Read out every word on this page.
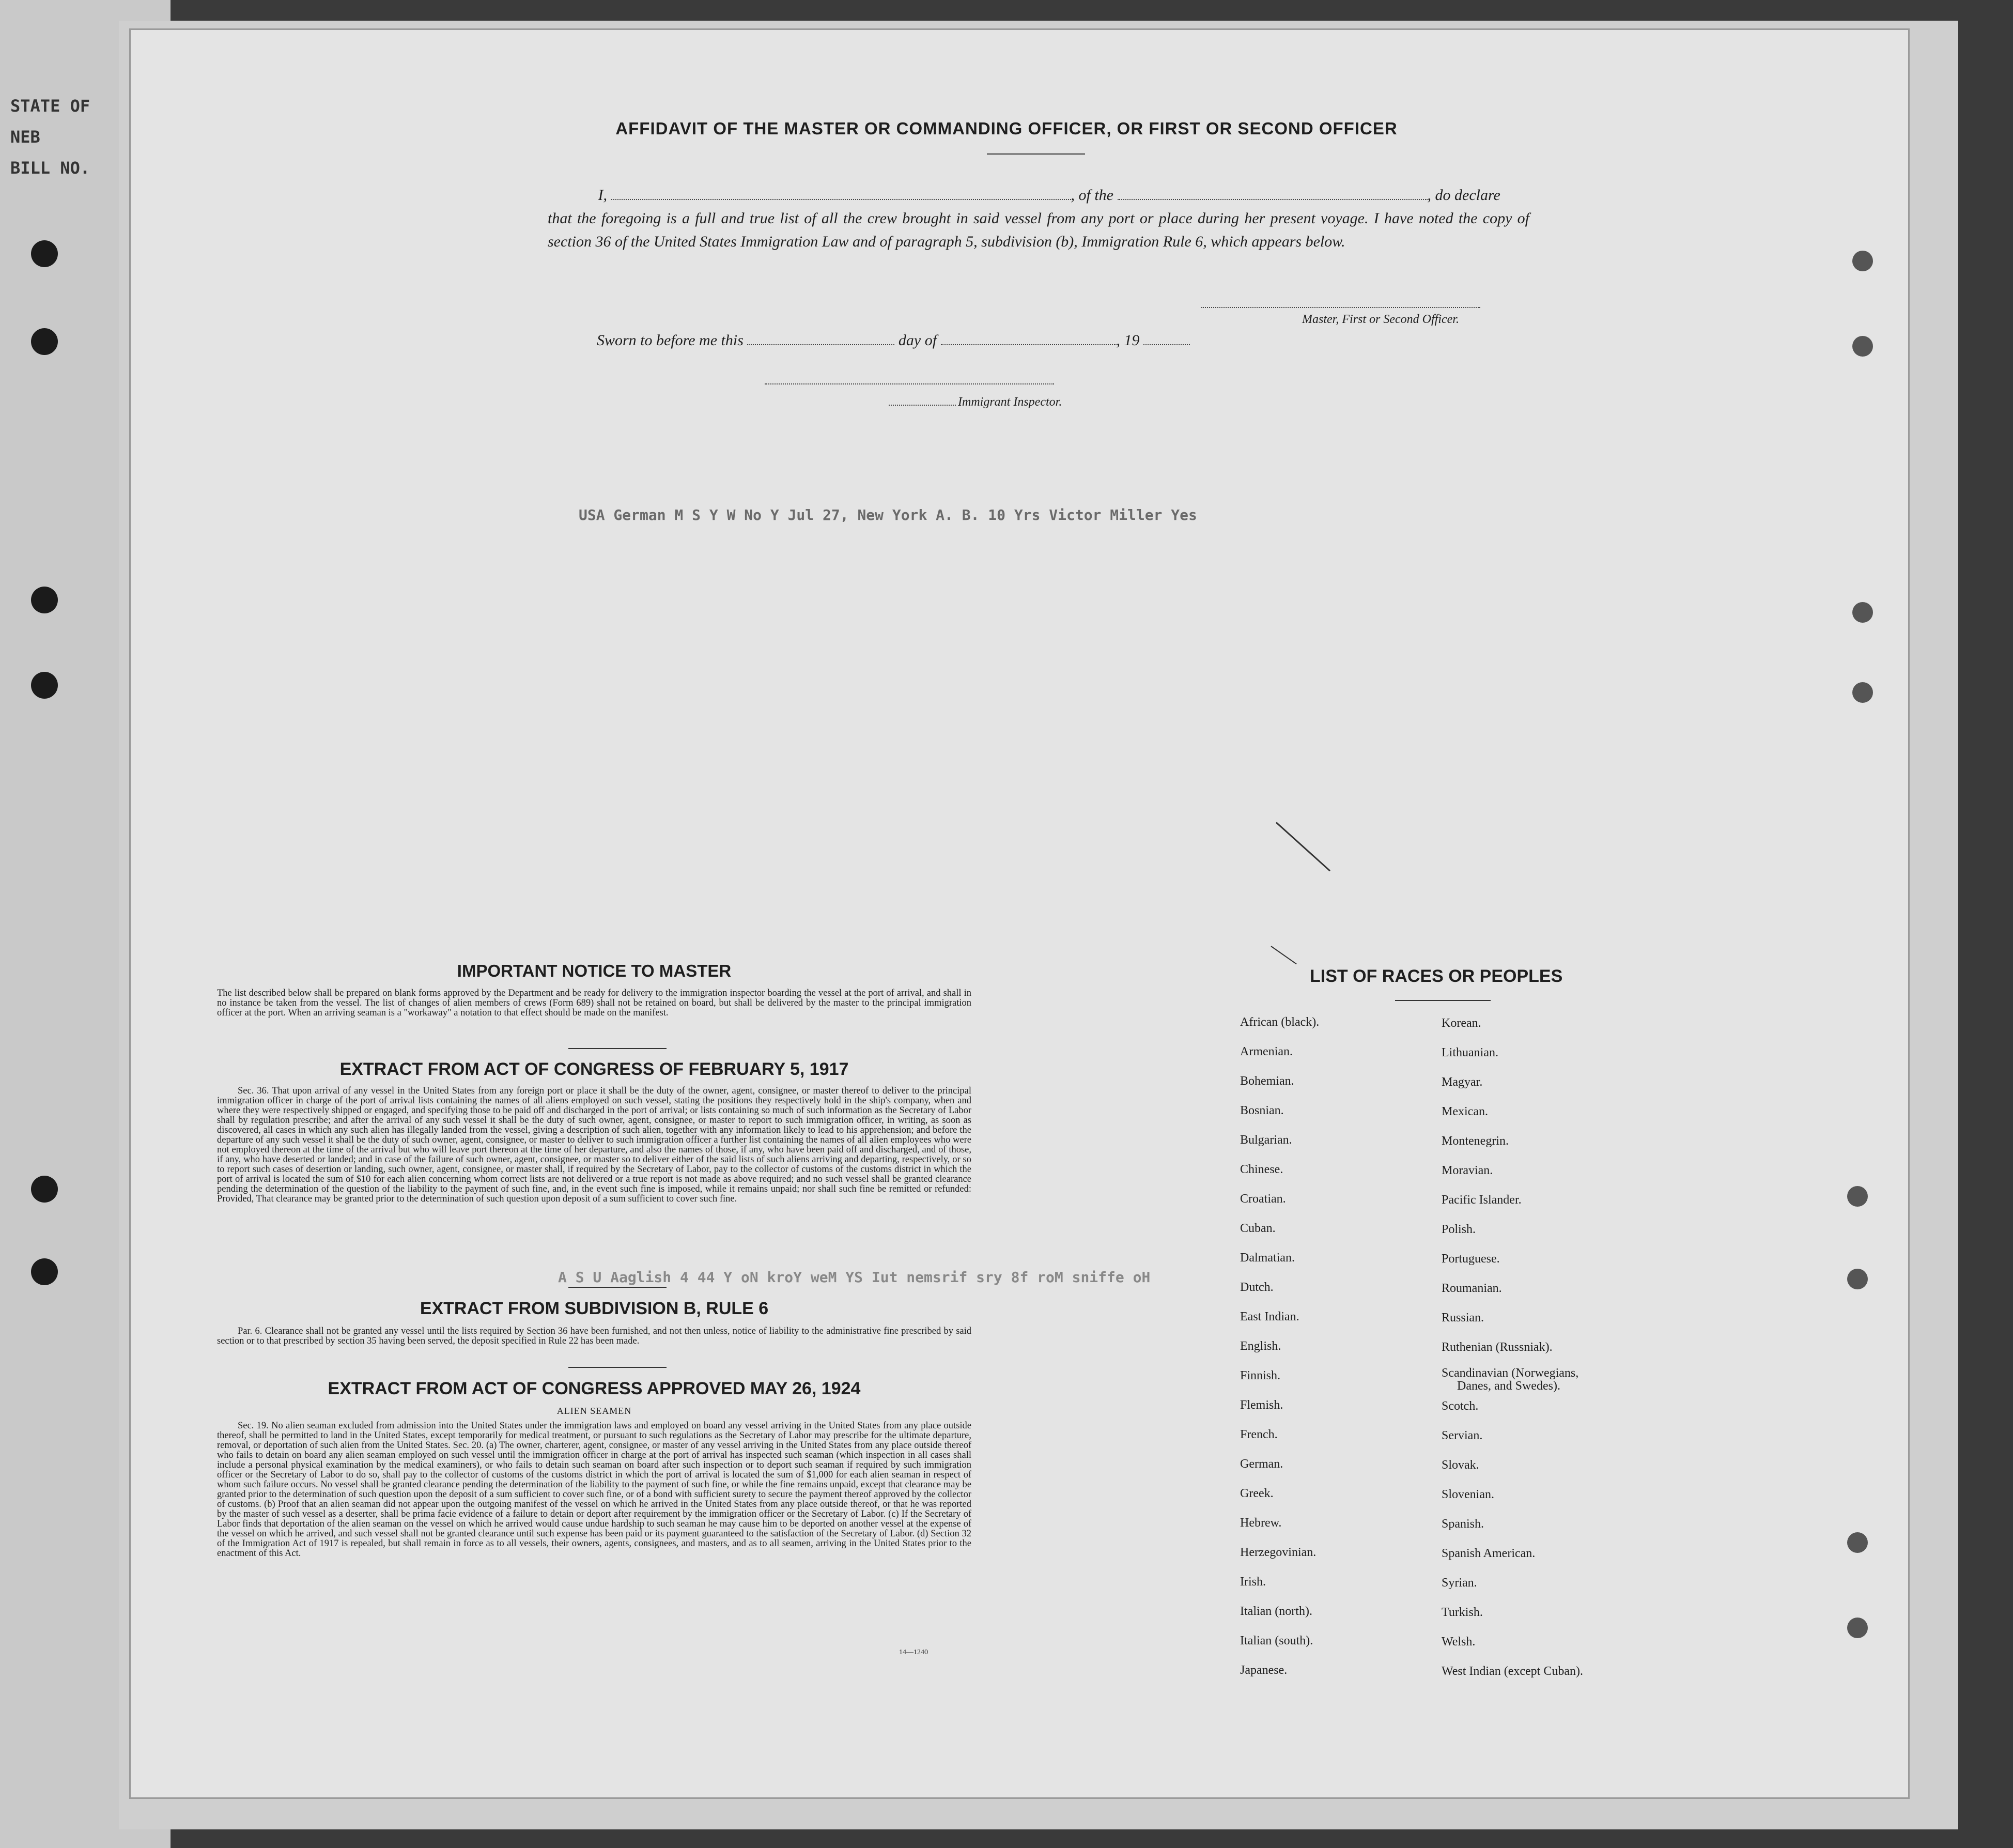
STATE OF NEB
BILL NO.
AFFIDAVIT OF THE MASTER OR COMMANDING OFFICER, OR FIRST OR SECOND OFFICER
I,	, of the	, do declare
that the foregoing is a full and true list of all the crew brought in said vessel from any port or place during her present voyage. I have noted the copy of section 36 of the United States Immigration Law and of paragraph 5, subdivision (b), Immigration Rule 6, which appears below.
Master, First or Second Officer.
Sworn to before me this	day of	, 19
Immigrant Inspector.
USA German M S Y W No Y Jul 27, New York A. B. 10 Yrs Victor Miller Yes
A S U Aaglish 4 44 Y oN kroY weM YS Iut nemsrif sry 8f roM sniffe oH
IMPORTANT NOTICE TO MASTER
The list described below shall be prepared on blank forms approved by the Department and be ready for delivery to the immigration inspector boarding the vessel at the port of arrival, and shall in no instance be taken from the vessel. The list of changes of alien members of crews (Form 689) shall not be retained on board, but shall be delivered by the master to the principal immigration officer at the port. When an arriving seaman is a "workaway" a notation to that effect should be made on the manifest.
EXTRACT FROM ACT OF CONGRESS OF FEBRUARY 5, 1917
Sec. 36. That upon arrival of any vessel in the United States from any foreign port or place it shall be the duty of the owner, agent, consignee, or master thereof to deliver to the principal immigration officer in charge of the port of arrival lists containing the names of all aliens employed on such vessel, stating the positions they respectively hold in the ship's company, when and where they were respectively shipped or engaged, and specifying those to be paid off and discharged in the port of arrival; or lists containing so much of such information as the Secretary of Labor shall by regulation prescribe; and after the arrival of any such vessel it shall be the duty of such owner, agent, consignee, or master to report to such immigration officer, in writing, as soon as discovered, all cases in which any such alien has illegally landed from the vessel, giving a description of such alien, together with any information likely to lead to his apprehension; and before the departure of any such vessel it shall be the duty of such owner, agent, consignee, or master to deliver to such immigration officer a further list containing the names of all alien employees who were not employed thereon at the time of the arrival but who will leave port thereon at the time of her departure, and also the names of those, if any, who have been paid off and discharged, and of those, if any, who have deserted or landed; and in case of the failure of such owner, agent, consignee, or master so to deliver either of the said lists of such aliens arriving and departing, respectively, or so to report such cases of desertion or landing, such owner, agent, consignee, or master shall, if required by the Secretary of Labor, pay to the collector of customs of the customs district in which the port of arrival is located the sum of $10 for each alien concerning whom correct lists are not delivered or a true report is not made as above required; and no such vessel shall be granted clearance pending the determination of the question of the liability to the payment of such fine, and, in the event such fine is imposed, while it remains unpaid; nor shall such fine be remitted or refunded: Provided, That clearance may be granted prior to the determination of such question upon deposit of a sum sufficient to cover such fine.
EXTRACT FROM SUBDIVISION B, RULE 6
Par. 6. Clearance shall not be granted any vessel until the lists required by Section 36 have been furnished, and not then unless, notice of liability to the administrative fine prescribed by said section or to that prescribed by section 35 having been served, the deposit specified in Rule 22 has been made.
EXTRACT FROM ACT OF CONGRESS APPROVED MAY 26, 1924
ALIEN SEAMEN
Sec. 19. No alien seaman excluded from admission into the United States under the immigration laws and employed on board any vessel arriving in the United States from any place outside thereof, shall be permitted to land in the United States, except temporarily for medical treatment, or pursuant to such regulations as the Secretary of Labor may prescribe for the ultimate departure, removal, or deportation of such alien from the United States. Sec. 20. (a) The owner, charterer, agent, consignee, or master of any vessel arriving in the United States from any place outside thereof who fails to detain on board any alien seaman employed on such vessel until the immigration officer in charge at the port of arrival has inspected such seaman (which inspection in all cases shall include a personal physical examination by the medical examiners), or who fails to detain such seaman on board after such inspection or to deport such seaman if required by such immigration officer or the Secretary of Labor to do so, shall pay to the collector of customs of the customs district in which the port of arrival is located the sum of $1,000 for each alien seaman in respect of whom such failure occurs. No vessel shall be granted clearance pending the determination of the liability to the payment of such fine, or while the fine remains unpaid, except that clearance may be granted prior to the determination of such question upon the deposit of a sum sufficient to cover such fine, or of a bond with sufficient surety to secure the payment thereof approved by the collector of customs. (b) Proof that an alien seaman did not appear upon the outgoing manifest of the vessel on which he arrived in the United States from any place outside thereof, or that he was reported by the master of such vessel as a deserter, shall be prima facie evidence of a failure to detain or deport after requirement by the immigration officer or the Secretary of Labor. (c) If the Secretary of Labor finds that deportation of the alien seaman on the vessel on which he arrived would cause undue hardship to such seaman he may cause him to be deported on another vessel at the expense of the vessel on which he arrived, and such vessel shall not be granted clearance until such expense has been paid or its payment guaranteed to the satisfaction of the Secretary of Labor. (d) Section 32 of the Immigration Act of 1917 is repealed, but shall remain in force as to all vessels, their owners, agents, consignees, and masters, and as to all seamen, arriving in the United States prior to the enactment of this Act.
14—1240
LIST OF RACES OR PEOPLES
African (black).
Armenian.
Bohemian.
Bosnian.
Bulgarian.
Chinese.
Croatian.
Cuban.
Dalmatian.
Dutch.
East Indian.
English.
Finnish.
Flemish.
French.
German.
Greek.
Hebrew.
Herzegovinian.
Irish.
Italian (north).
Italian (south).
Japanese.
Korean.
Lithuanian.
Magyar.
Mexican.
Montenegrin.
Moravian.
Pacific Islander.
Polish.
Portuguese.
Roumanian.
Russian.
Ruthenian (Russniak).
Scandinavian (Norwegians,
Danes, and Swedes).
Scotch.
Servian.
Slovak.
Slovenian.
Spanish.
Spanish American.
Syrian.
Turkish.
Welsh.
West Indian (except Cuban).
